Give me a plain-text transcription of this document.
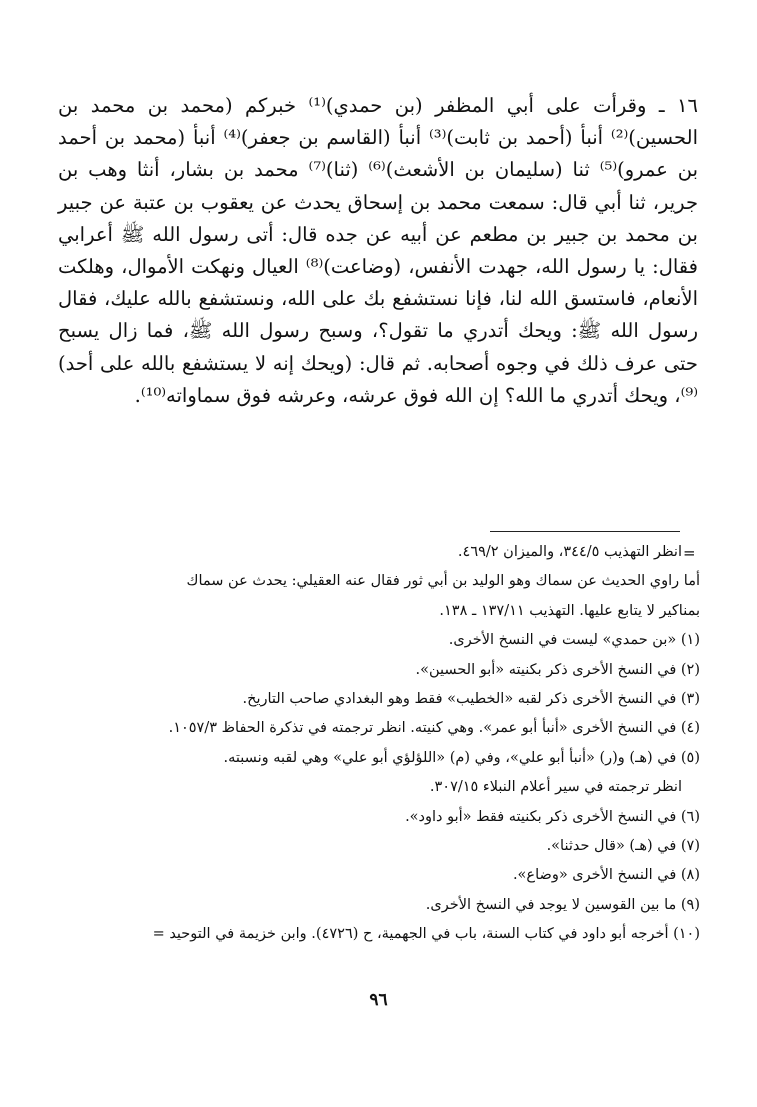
١٦ ـ وقرأت على أبي المظفر (بن حمدي)⁽¹⁾ خبركم (محمد بن محمد بن الحسين)⁽²⁾ أنبأ (أحمد بن ثابت)⁽³⁾ أنبأ (القاسم بن جعفر)⁽⁴⁾ أنبأ (محمد بن أحمد بن عمرو)⁽⁵⁾ ثنا (سليمان بن الأشعث)⁽⁶⁾ (ثنا)⁽⁷⁾ محمد بن بشار، أنثا وهب بن جرير، ثنا أبي قال: سمعت محمد بن إسحاق يحدث عن يعقوب بن عتبة عن جبير بن محمد بن جبير بن مطعم عن أبيه عن جده قال: أتى رسول الله ﷺ أعرابي فقال: يا رسول الله، جهدت الأنفس، (وضاعت)⁽⁸⁾ العيال ونهكت الأموال، وهلكت الأنعام، فاستسق الله لنا، فإنا نستشفع بك على الله، ونستشفع بالله عليك، فقال رسول الله ﷺ: ويحك أتدري ما تقول؟، وسبح رسول الله ﷺ، فما زال يسبح حتى عرف ذلك في وجوه أصحابه. ثم قال: (ويحك إنه لا يستشفع بالله على أحد)⁽⁹⁾، ويحك أتدري ما الله؟ إن الله فوق عرشه، وعرشه فوق سماواته⁽¹⁰⁾.

=

انظر التهذيب ٣٤٤/٥، والميزان ٤٦٩/٢.

أما راوي الحديث عن سماك وهو الوليد بن أبي ثور فقال عنه العقيلي: يحدث عن سماك

بمناكير لا يتابع عليها. التهذيب ١٣٧/١١ ـ ١٣٨.

(١) «بن حمدي» ليست في النسخ الأخرى.

(٢) في النسخ الأخرى ذكر بكنيته «أبو الحسين».

(٣) في النسخ الأخرى ذكر لقبه «الخطيب» فقط وهو البغدادي صاحب التاريخ.

(٤) في النسخ الأخرى «أنبأ أبو عمر». وهي كنيته. انظر ترجمته في تذكرة الحفاظ ١٠٥٧/٣.

(٥) في (هـ) و(ر) «أنبأ أبو علي»، وفي (م) «اللؤلؤي أبو علي» وهي لقبه ونسبته.

انظر ترجمته في سير أعلام النبلاء ٣٠٧/١٥.

(٦) في النسخ الأخرى ذكر بكنيته فقط «أبو داود».

(٧) في (هـ) «قال حدثنا».

(٨) في النسخ الأخرى «وضاع».

(٩) ما بين القوسين لا يوجد في النسخ الأخرى.

(١٠) أخرجه أبو داود في كتاب السنة، باب في الجهمية، ح (٤٧٢٦). وابن خزيمة في التوحيد =

٩٦
